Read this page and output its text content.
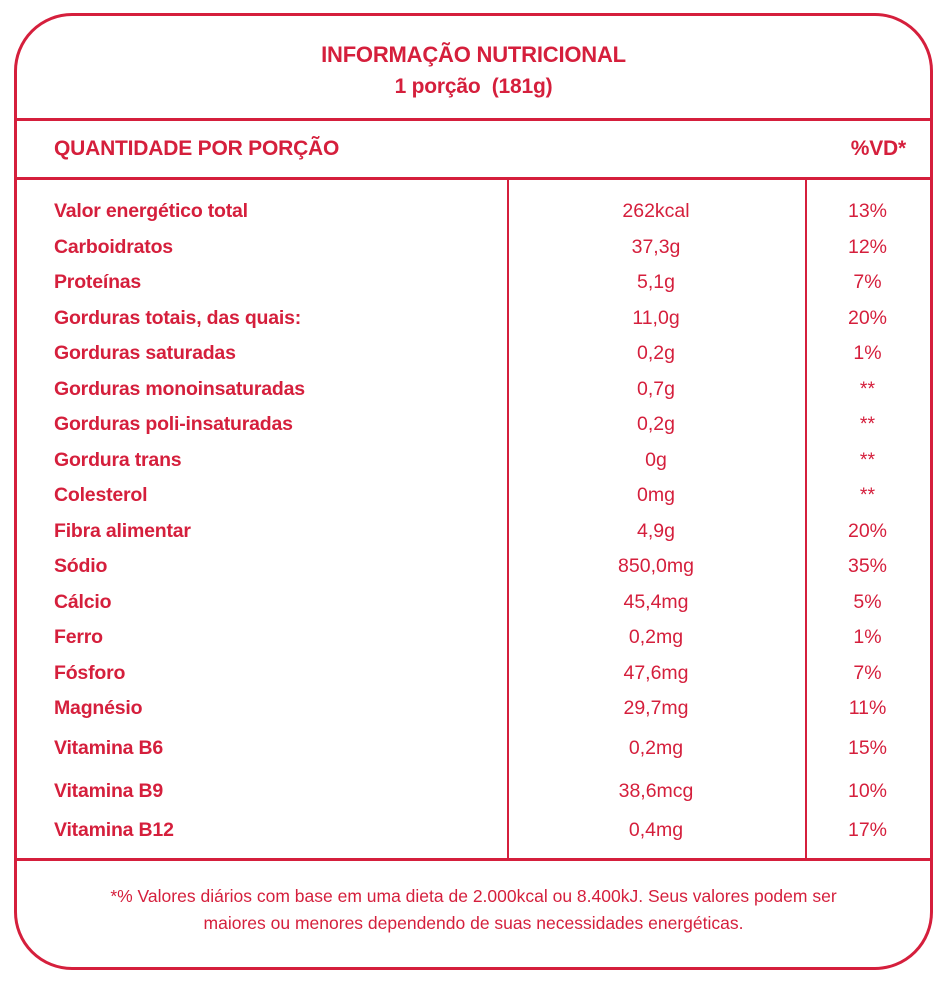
INFORMAÇÃO NUTRICIONAL
1 porção  (181g)
QUANTIDADE POR PORÇÃO	%VD*
Valor energético total	262kcal	13%
Carboidratos	37,3g	12%
Proteínas	5,1g	7%
Gorduras totais, das quais:	11,0g	20%
Gorduras saturadas	0,2g	1%
Gorduras monoinsaturadas	0,7g	**
Gorduras poli-insaturadas	0,2g	**
Gordura trans	0g	**
Colesterol	0mg	**
Fibra alimentar	4,9g	20%
Sódio	850,0mg	35%
Cálcio	45,4mg	5%
Ferro	0,2mg	1%
Fósforo	47,6mg	7%
Magnésio	29,7mg	11%
Vitamina B6	0,2mg	15%
Vitamina B9	38,6mcg	10%
Vitamina B12	0,4mg	17%
*% Valores diários com base em uma dieta de 2.000kcal ou 8.400kJ. Seus valores podem ser maiores ou menores dependendo de suas necessidades energéticas.
